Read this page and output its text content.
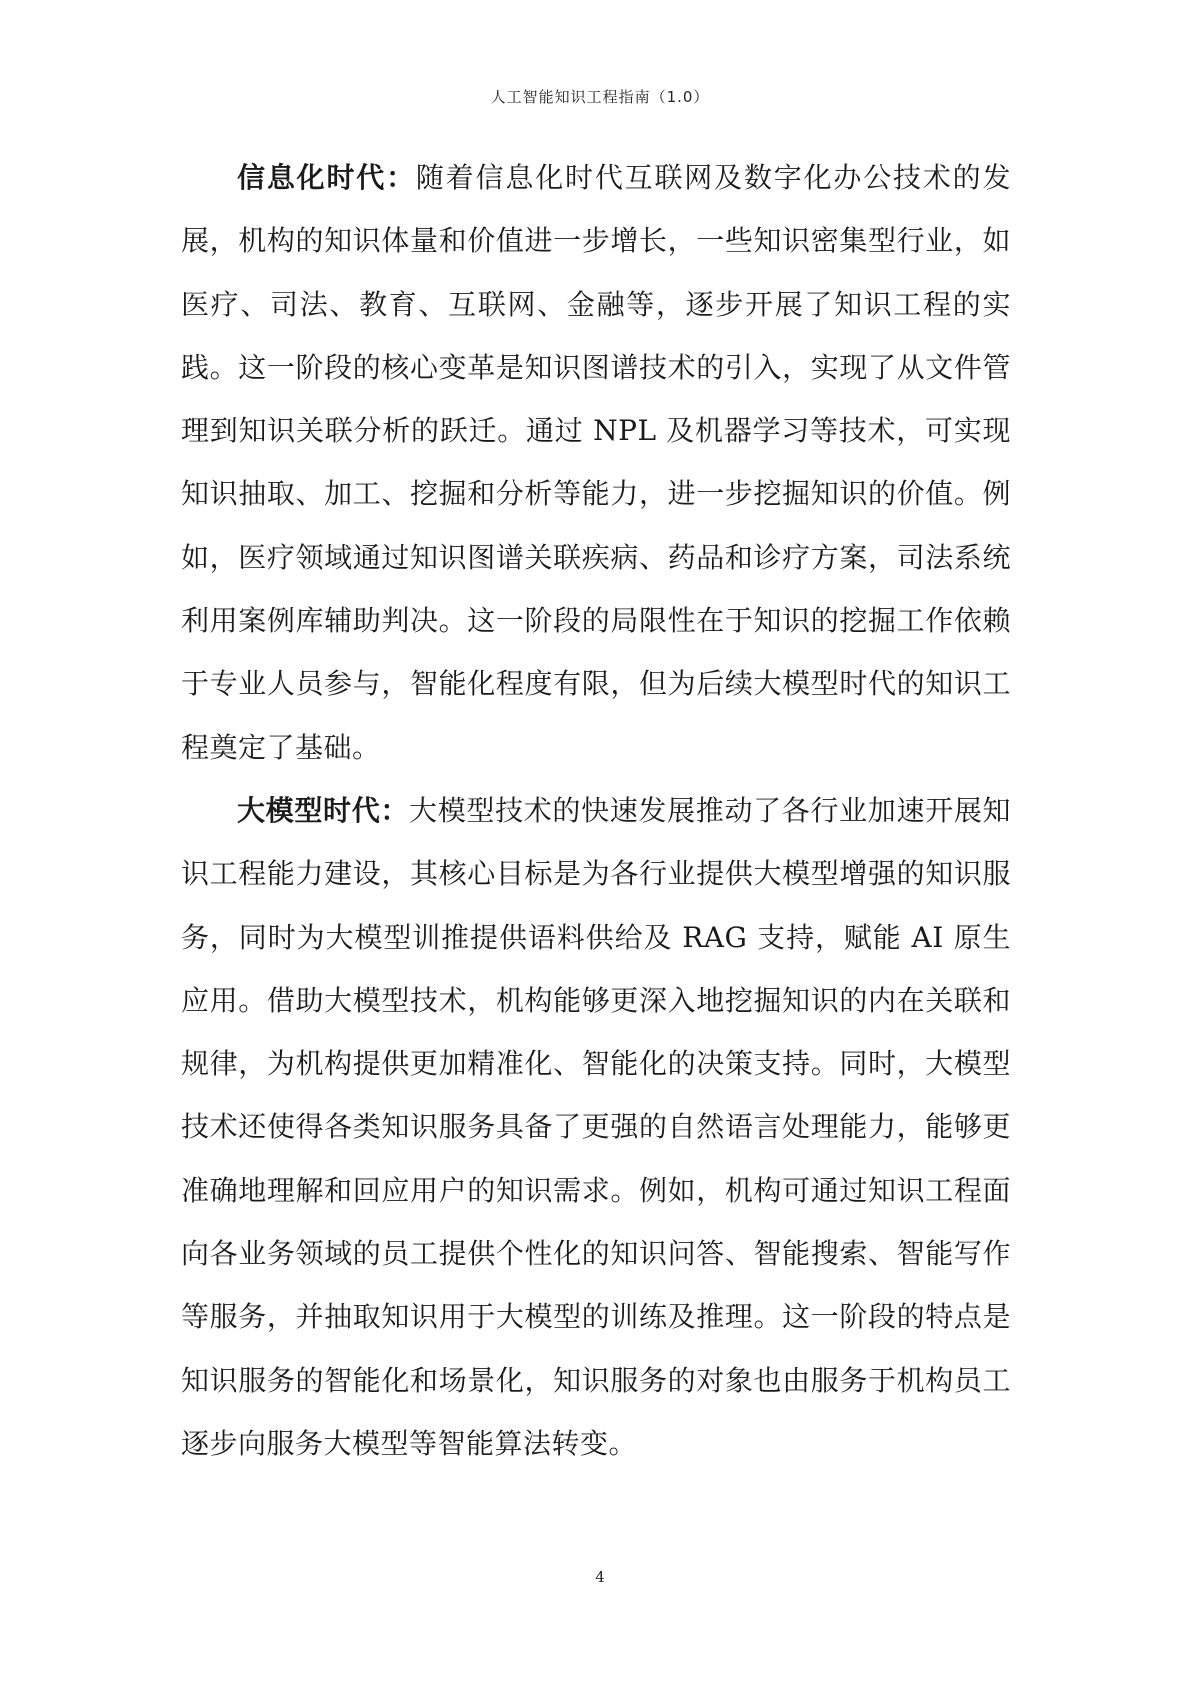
人工智能知识工程指南（1.0）

信息化时代：随着信息化时代互联网及数字化办公技术的发展，机构的知识体量和价值进一步增长，一些知识密集型行业，如医疗、司法、教育、互联网、金融等，逐步开展了知识工程的实践。这一阶段的核心变革是知识图谱技术的引入，实现了从文件管理到知识关联分析的跃迁。通过 NPL 及机器学习等技术，可实现知识抽取、加工、挖掘和分析等能力，进一步挖掘知识的价值。例如，医疗领域通过知识图谱关联疾病、药品和诊疗方案，司法系统利用案例库辅助判决。这一阶段的局限性在于知识的挖掘工作依赖于专业人员参与，智能化程度有限，但为后续大模型时代的知识工程奠定了基础。

大模型时代：大模型技术的快速发展推动了各行业加速开展知识工程能力建设，其核心目标是为各行业提供大模型增强的知识服务，同时为大模型训推提供语料供给及 RAG 支持，赋能 AI 原生应用。借助大模型技术，机构能够更深入地挖掘知识的内在关联和规律，为机构提供更加精准化、智能化的决策支持。同时，大模型技术还使得各类知识服务具备了更强的自然语言处理能力，能够更准确地理解和回应用户的知识需求。例如，机构可通过知识工程面向各业务领域的员工提供个性化的知识问答、智能搜索、智能写作等服务，并抽取知识用于大模型的训练及推理。这一阶段的特点是知识服务的智能化和场景化，知识服务的对象也由服务于机构员工逐步向服务大模型等智能算法转变。

4
